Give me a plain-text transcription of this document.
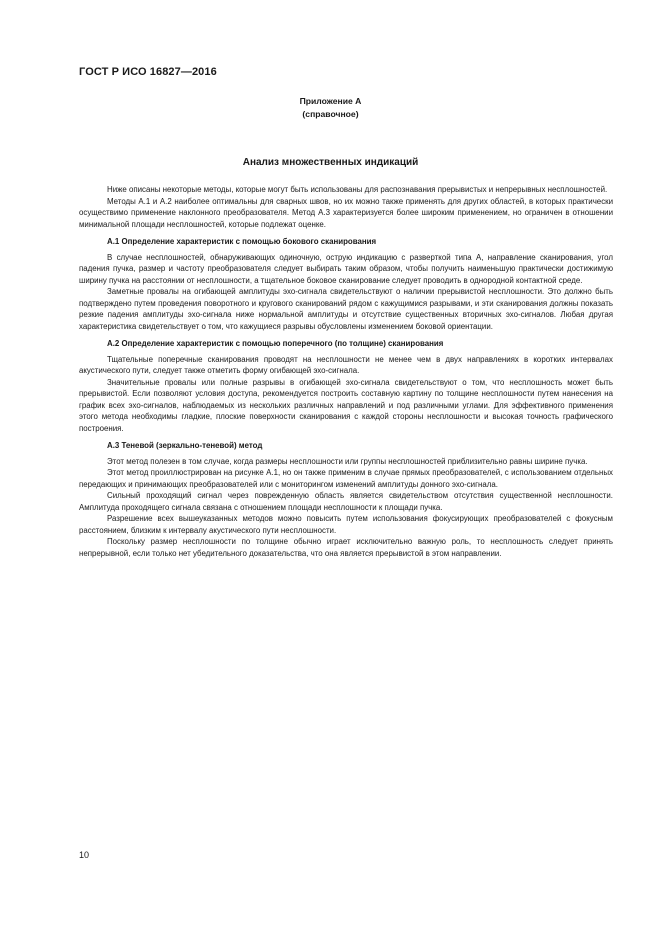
ГОСТ Р ИСО 16827—2016
Приложение А
(справочное)
Анализ множественных индикаций

Ниже описаны некоторые методы, которые могут быть использованы для распознавания прерывистых и непрерывных несплошностей.

Методы А.1 и А.2 наиболее оптимальны для сварных швов, но их можно также применять для других областей, в которых практически осуществимо применение наклонного преобразователя. Метод А.3 характеризуется более широким применением, но ограничен в отношении минимальной площади несплошностей, которые подлежат оценке.

А.1 Определение характеристик с помощью бокового сканирования

В случае несплошностей, обнаруживающих одиночную, острую индикацию с разверткой типа А, направление сканирования, угол падения пучка, размер и частоту преобразователя следует выбирать таким образом, чтобы получить наименьшую практически достижимую ширину пучка на расстоянии от несплошности, а тщательное боковое сканирование следует проводить в однородной контактной среде.

Заметные провалы на огибающей амплитуды эхо-сигнала свидетельствуют о наличии прерывистой несплошности. Это должно быть подтверждено путем проведения поворотного и кругового сканирований рядом с кажущимися разрывами, и эти сканирования должны показать резкие падения амплитуды эхо-сигнала ниже нормальной амплитуды и отсутствие существенных вторичных эхо-сигналов. Любая другая характеристика свидетельствует о том, что кажущиеся разрывы обусловлены изменением боковой ориентации.

А.2 Определение характеристик с помощью поперечного (по толщине) сканирования

Тщательные поперечные сканирования проводят на несплошности не менее чем в двух направлениях в коротких интервалах акустического пути, следует также отметить форму огибающей эхо-сигнала.

Значительные провалы или полные разрывы в огибающей эхо-сигнала свидетельствуют о том, что несплошность может быть прерывистой. Если позволяют условия доступа, рекомендуется построить составную картину по толщине несплошности путем нанесения на график всех эхо-сигналов, наблюдаемых из нескольких различных направлений и под различными углами. Для эффективного применения этого метода необходимы гладкие, плоские поверхности сканирования с каждой стороны несплошности и высокая точность графического построения.

А.3 Теневой (зеркально-теневой) метод

Этот метод полезен в том случае, когда размеры несплошности или группы несплошностей приблизительно равны ширине пучка.

Этот метод проиллюстрирован на рисунке А.1, но он также применим в случае прямых преобразователей, с использованием отдельных передающих и принимающих преобразователей или с мониторингом изменений амплитуды донного эхо-сигнала.

Сильный проходящий сигнал через поврежденную область является свидетельством отсутствия существенной несплошности. Амплитуда проходящего сигнала связана с отношением площади несплошности к площади пучка.

Разрешение всех вышеуказанных методов можно повысить путем использования фокусирующих преобразователей с фокусным расстоянием, близким к интервалу акустического пути несплошности.

Поскольку размер несплошности по толщине обычно играет исключительно важную роль, то несплошность следует принять непрерывной, если только нет убедительного доказательства, что она является прерывистой в этом направлении.

10
